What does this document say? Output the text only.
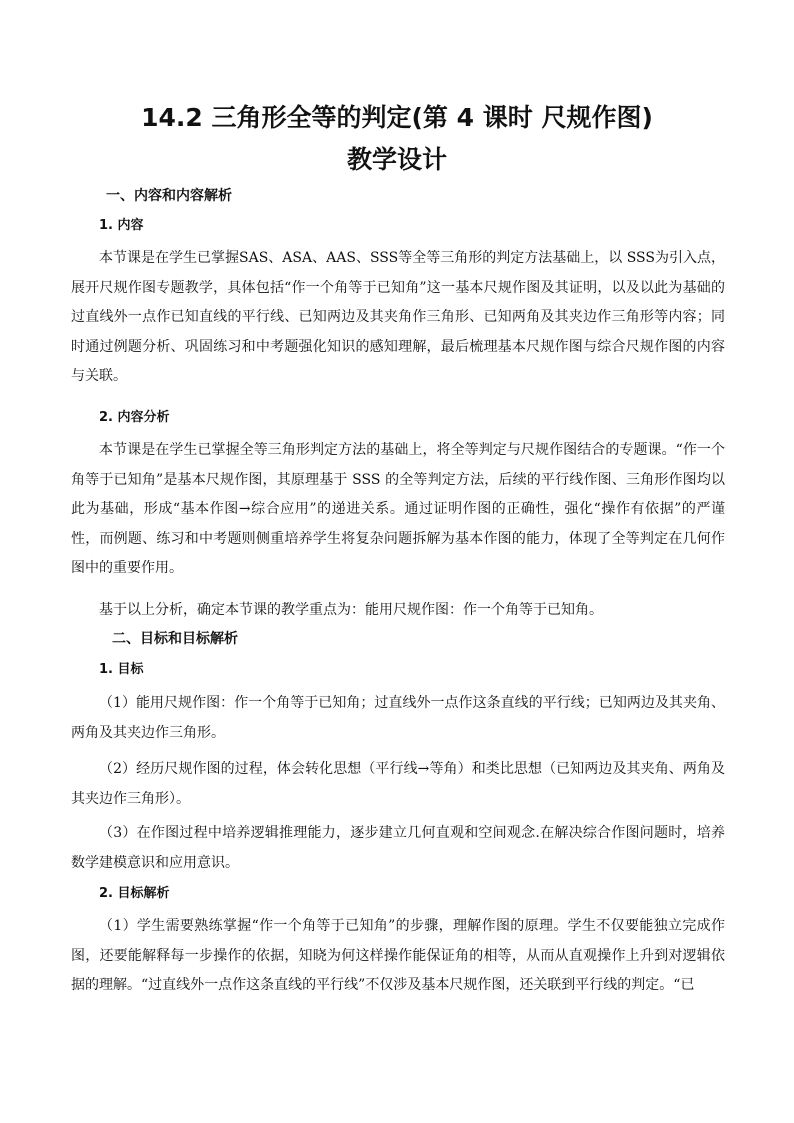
14.2 三角形全等的判定(第 4 课时 尺规作图)
教学设计
一、内容和内容解析
1. 内容
本节课是在学生已掌握SAS、ASA、AAS、SSS等全等三角形的判定方法基础上，以 SSS为引入点，展开尺规作图专题教学，具体包括“作一个角等于已知角”这一基本尺规作图及其证明，以及以此为基础的过直线外一点作已知直线的平行线、已知两边及其夹角作三角形、已知两角及其夹边作三角形等内容；同时通过例题分析、巩固练习和中考题强化知识的感知理解，最后梳理基本尺规作图与综合尺规作图的内容与关联。
2. 内容分析
本节课是在学生已掌握全等三角形判定方法的基础上，将全等判定与尺规作图结合的专题课。“作一个角等于已知角”是基本尺规作图，其原理基于 SSS 的全等判定方法，后续的平行线作图、三角形作图均以此为基础，形成“基本作图→综合应用”的递进关系。通过证明作图的正确性，强化“操作有依据”的严谨性，而例题、练习和中考题则侧重培养学生将复杂问题拆解为基本作图的能力，体现了全等判定在几何作图中的重要作用。
基于以上分析，确定本节课的教学重点为：能用尺规作图：作一个角等于已知角。
二、目标和目标解析
1. 目标
（1）能用尺规作图：作一个角等于已知角；过直线外一点作这条直线的平行线；已知两边及其夹角、两角及其夹边作三角形。
（2）经历尺规作图的过程，体会转化思想（平行线→等角）和类比思想（已知两边及其夹角、两角及其夹边作三角形）。
（3）在作图过程中培养逻辑推理能力，逐步建立几何直观和空间观念.在解决综合作图问题时，培养数学建模意识和应用意识。
2. 目标解析
（1）学生需要熟练掌握“作一个角等于已知角”的步骤，理解作图的原理。学生不仅要能独立完成作图，还要能解释每一步操作的依据，知晓为何这样操作能保证角的相等，从而从直观操作上升到对逻辑依据的理解。“过直线外一点作这条直线的平行线”不仅涉及基本尺规作图，还关联到平行线的判定。“已
